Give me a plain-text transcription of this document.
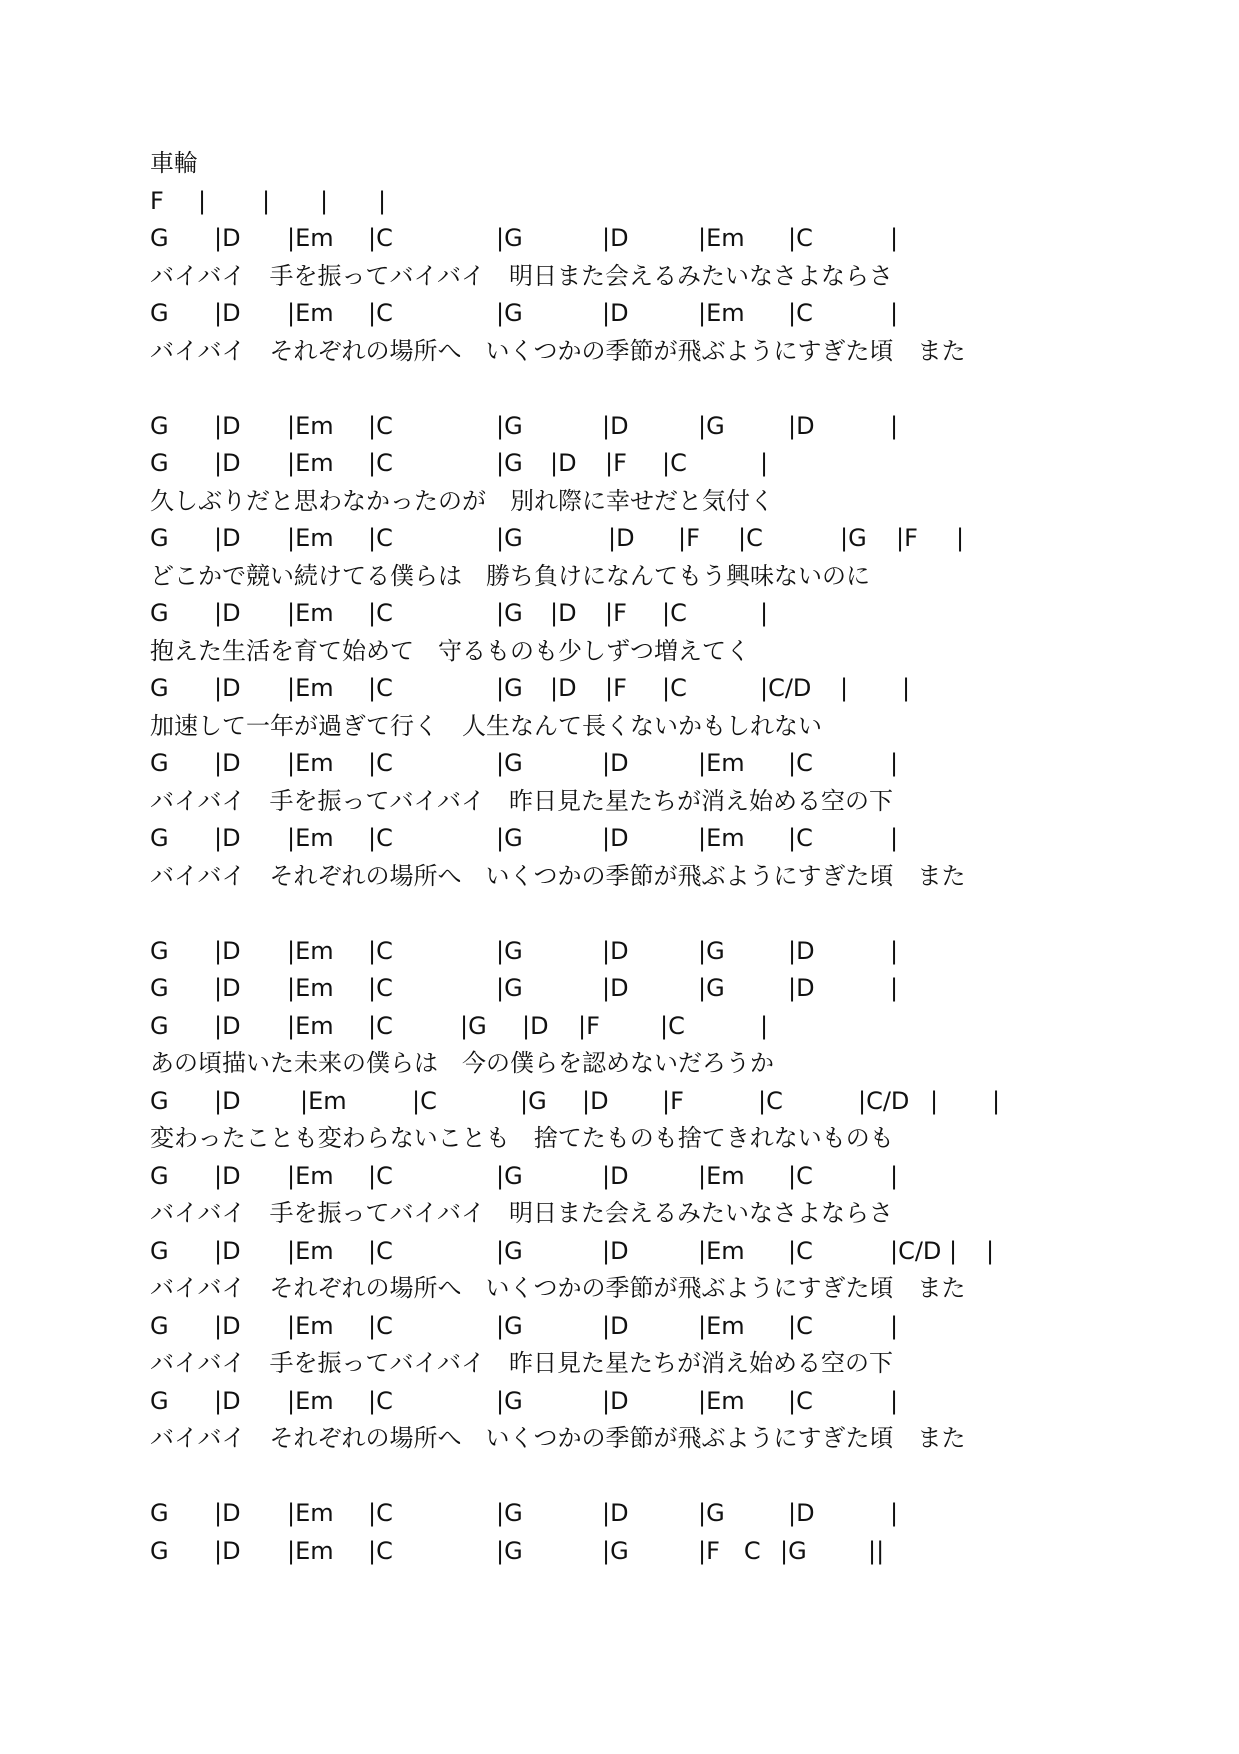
車輪
F | | | |
G |D |Em |C	|G	|D	|Em |C	|
バイバイ　手を振ってバイバイ　明日また会えるみたいなさよならさ
G |D |Em |C	|G	|D	|Em |C	|
バイバイ　それぞれの場所へ　いくつかの季節が飛ぶようにすぎた頃　また
G |D |Em |C	|G	|D	|G	|D	|
G |D |Em |C	|G |D |F |C	|
久しぶりだと思わなかったのが　別れ際に幸せだと気付く
G |D |Em |C	|G	|D |F |C	|G |F |
どこかで競い続けてる僕らは　勝ち負けになんてもう興味ないのに
G |D |Em |C	|G |D |F |C	|
抱えた生活を育て始めて　守るものも少しずつ増えてく
G |D |Em |C	|G |D |F |C	|C/D | |
加速して一年が過ぎて行く　人生なんて長くないかもしれない
G |D |Em |C	|G	|D	|Em |C	|
バイバイ　手を振ってバイバイ　昨日見た星たちが消え始める空の下
G |D |Em |C	|G	|D	|Em |C	|
バイバイ　それぞれの場所へ　いくつかの季節が飛ぶようにすぎた頃　また
G |D |Em |C	|G	|D	|G	|D	|
G |D |Em |C	|G	|D	|G	|D	|
G |D |Em |C	|G |D |F	|C	|
あの頃描いた未来の僕らは　今の僕らを認めないだろうか
G |D |Em	|C	|G |D |F	|C	|C/D | |
変わったことも変わらないことも　捨てたものも捨てきれないものも
G |D |Em |C	|G	|D	|Em |C	|
バイバイ　手を振ってバイバイ　明日また会えるみたいなさよならさ
G |D |Em |C	|G	|D	|Em |C	|C/D | |
バイバイ　それぞれの場所へ　いくつかの季節が飛ぶようにすぎた頃　また
G |D |Em |C	|G	|D	|Em |C	|
バイバイ　手を振ってバイバイ　昨日見た星たちが消え始める空の下
G |D |Em |C	|G	|D	|Em |C	|
バイバイ　それぞれの場所へ　いくつかの季節が飛ぶようにすぎた頃　また
G |D |Em |C	|G	|D	|G	|D	|
G |D |Em |C	|G	|G	|F　C |G	||
